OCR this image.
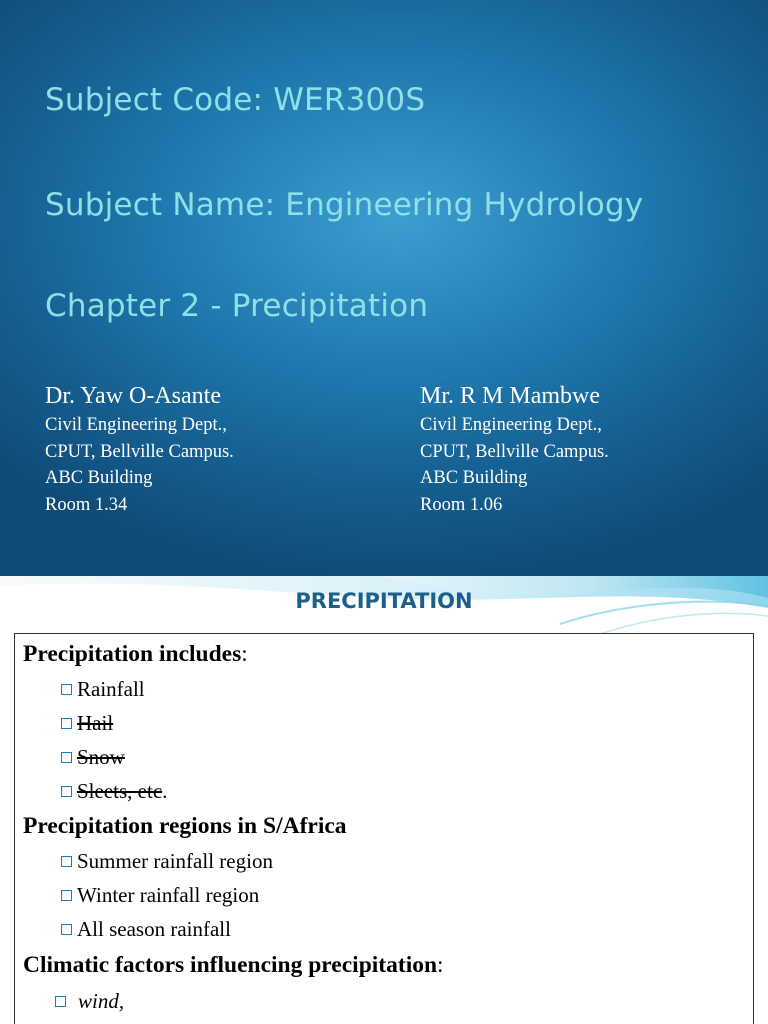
Subject Code: WER300S
Subject Name: Engineering Hydrology
Chapter 2 - Precipitation
Dr. Yaw O-Asante
Civil Engineering Dept.,
CPUT, Bellville Campus.
ABC Building
Room 1.34
Mr. R M Mambwe
Civil Engineering Dept.,
CPUT, Bellville Campus.
ABC Building
Room 1.06
PRECIPITATION
Precipitation includes:
Rainfall
Hail
Snow
Sleets, etc.
Precipitation regions in S/Africa
Summer rainfall region
Winter rainfall region
All season rainfall
Climatic factors influencing precipitation:
wind,
